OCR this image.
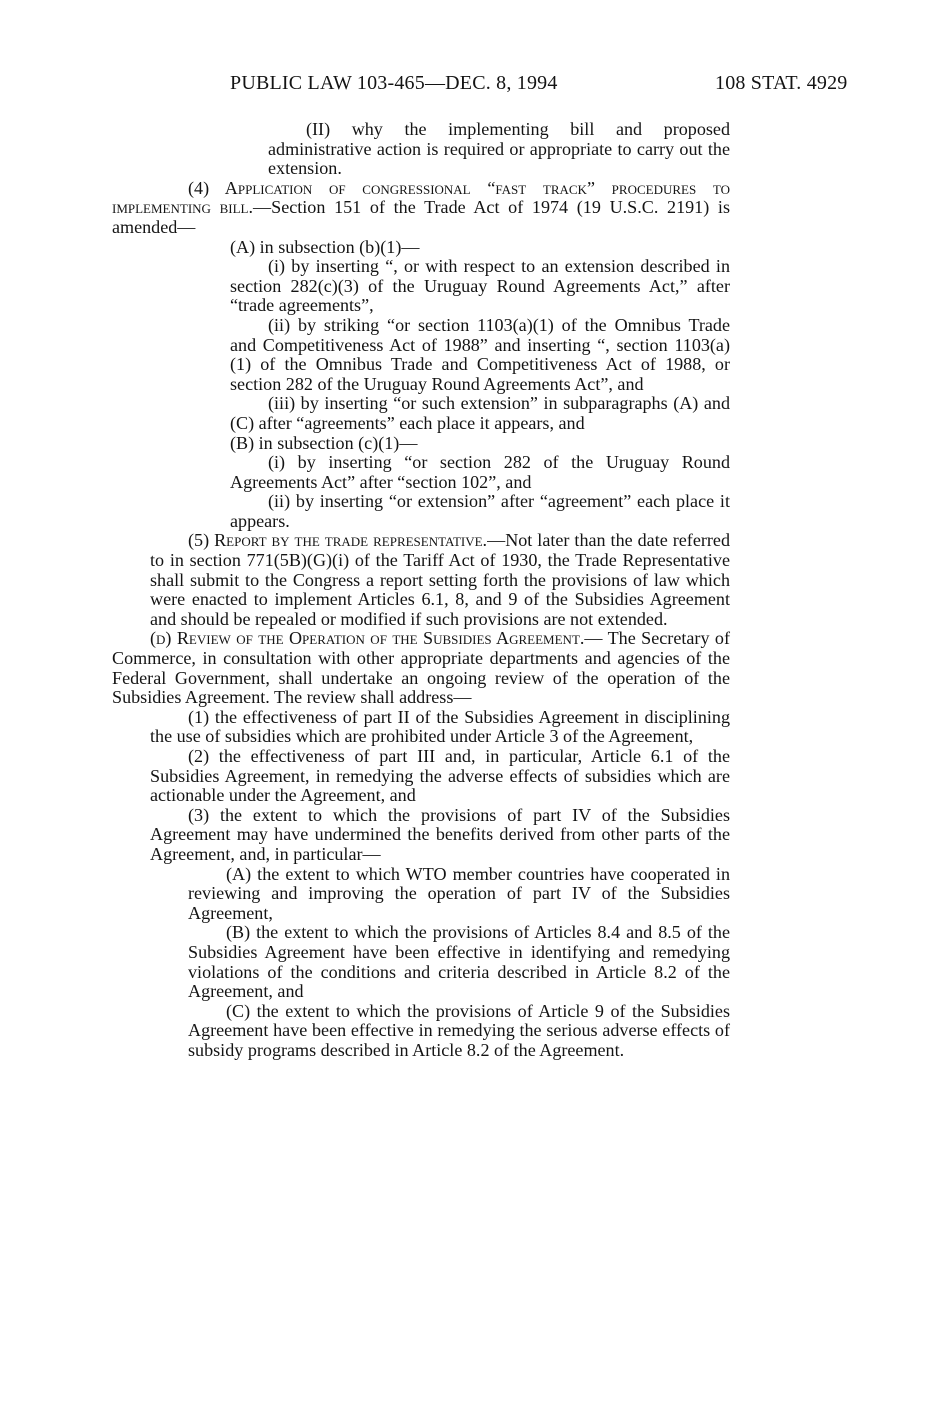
PUBLIC LAW 103-465—DEC. 8, 1994	108 STAT. 4929

(II) why the implementing bill and proposed administrative action is required or appropriate to carry out the extension.

(4) Application of congressional “fast track” procedures to implementing bill.—Section 151 of the Trade Act of 1974 (19 U.S.C. 2191) is amended—

(A) in subsection (b)(1)—

(i) by inserting “, or with respect to an extension described in section 282(c)(3) of the Uruguay Round Agreements Act,” after “trade agreements”,

(ii) by striking “or section 1103(a)(1) of the Omnibus Trade and Competitiveness Act of 1988” and inserting “, section 1103(a)(1) of the Omnibus Trade and Competitiveness Act of 1988, or section 282 of the Uruguay Round Agreements Act”, and

(iii) by inserting “or such extension” in subparagraphs (A) and (C) after “agreements” each place it appears, and

(B) in subsection (c)(1)—

(i) by inserting “or section 282 of the Uruguay Round Agreements Act” after “section 102”, and

(ii) by inserting “or extension” after “agreement” each place it appears.

(5) Report by the trade representative.—Not later than the date referred to in section 771(5B)(G)(i) of the Tariff Act of 1930, the Trade Representative shall submit to the Congress a report setting forth the provisions of law which were enacted to implement Articles 6.1, 8, and 9 of the Subsidies Agreement and should be repealed or modified if such provisions are not extended.

(d) Review of the Operation of the Subsidies Agreement.— The Secretary of Commerce, in consultation with other appropriate departments and agencies of the Federal Government, shall undertake an ongoing review of the operation of the Subsidies Agreement. The review shall address—

(1) the effectiveness of part II of the Subsidies Agreement in disciplining the use of subsidies which are prohibited under Article 3 of the Agreement,

(2) the effectiveness of part III and, in particular, Article 6.1 of the Subsidies Agreement, in remedying the adverse effects of subsidies which are actionable under the Agreement, and

(3) the extent to which the provisions of part IV of the Subsidies Agreement may have undermined the benefits derived from other parts of the Agreement, and, in particular—

(A) the extent to which WTO member countries have cooperated in reviewing and improving the operation of part IV of the Subsidies Agreement,

(B) the extent to which the provisions of Articles 8.4 and 8.5 of the Subsidies Agreement have been effective in identifying and remedying violations of the conditions and criteria described in Article 8.2 of the Agreement, and

(C) the extent to which the provisions of Article 9 of the Subsidies Agreement have been effective in remedying the serious adverse effects of subsidy programs described in Article 8.2 of the Agreement.
